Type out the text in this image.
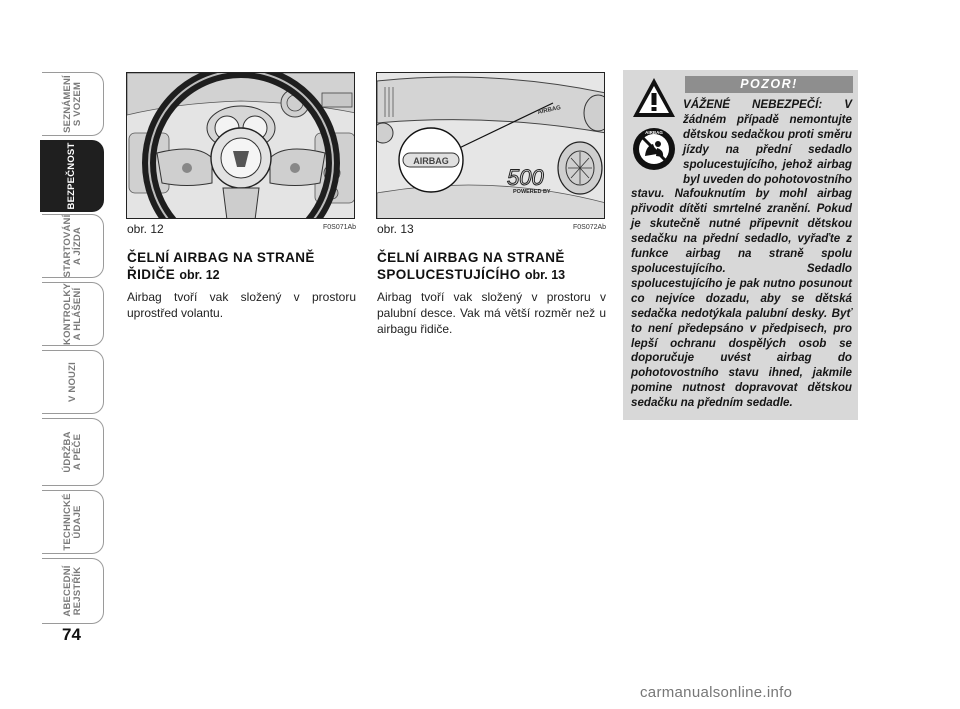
SEZNÁMENÍ
S VOZEM
BEZPEČNOST
STARTOVÁNÍ
A JÍZDA
KONTROLKY
A HLÁŠENÍ
V NOUZI
ÚDRŽBA
A PÉČE
TECHNICKÉ
ÚDAJE
ABECEDNÍ
REJSTŘÍK
74
obr. 12	F0S071Ab
AIRBAG
AIRBAG
500
POWERED BY
obr. 13	F0S072Ab
ČELNÍ AIRBAG NA STRANĚ ŘIDIČE obr. 12
Airbag tvoří vak složený v prostoru uprostřed volantu.
ČELNÍ AIRBAG NA STRANĚ SPOLUCESTUJÍCÍHO obr. 13
Airbag tvoří vak složený v prostoru v palubní desce. Vak má větší rozměr než u airbagu řidiče.
POZOR!
AIRBAG
VÁŽENÉ NEBEZPEČÍ: V žádném případě nemontujte dětskou sedačkou proti směru jízdy na přední sedadlo spolucestujícího, jehož airbag byl uveden do pohotovostního stavu. Nafouknutím by mohl airbag přivodit dítěti smrtelné zranění. Pokud je skutečně nutné připevnit dětskou sedačku na přední sedadlo, vyřaďte z funkce airbag na straně spolu spolucestujícího. Sedadlo spolucestujícího je pak nutno posunout co nejvíce dozadu, aby se dětská sedačka nedotýkala palubní desky. Byť to není předepsáno v předpisech, pro lepší ochranu dospělých osob se doporučuje uvést airbag do pohotovostního stavu ihned, jakmile pomine nutnost dopravovat dětskou sedačku na předním sedadle.
carmanualsonline.info
